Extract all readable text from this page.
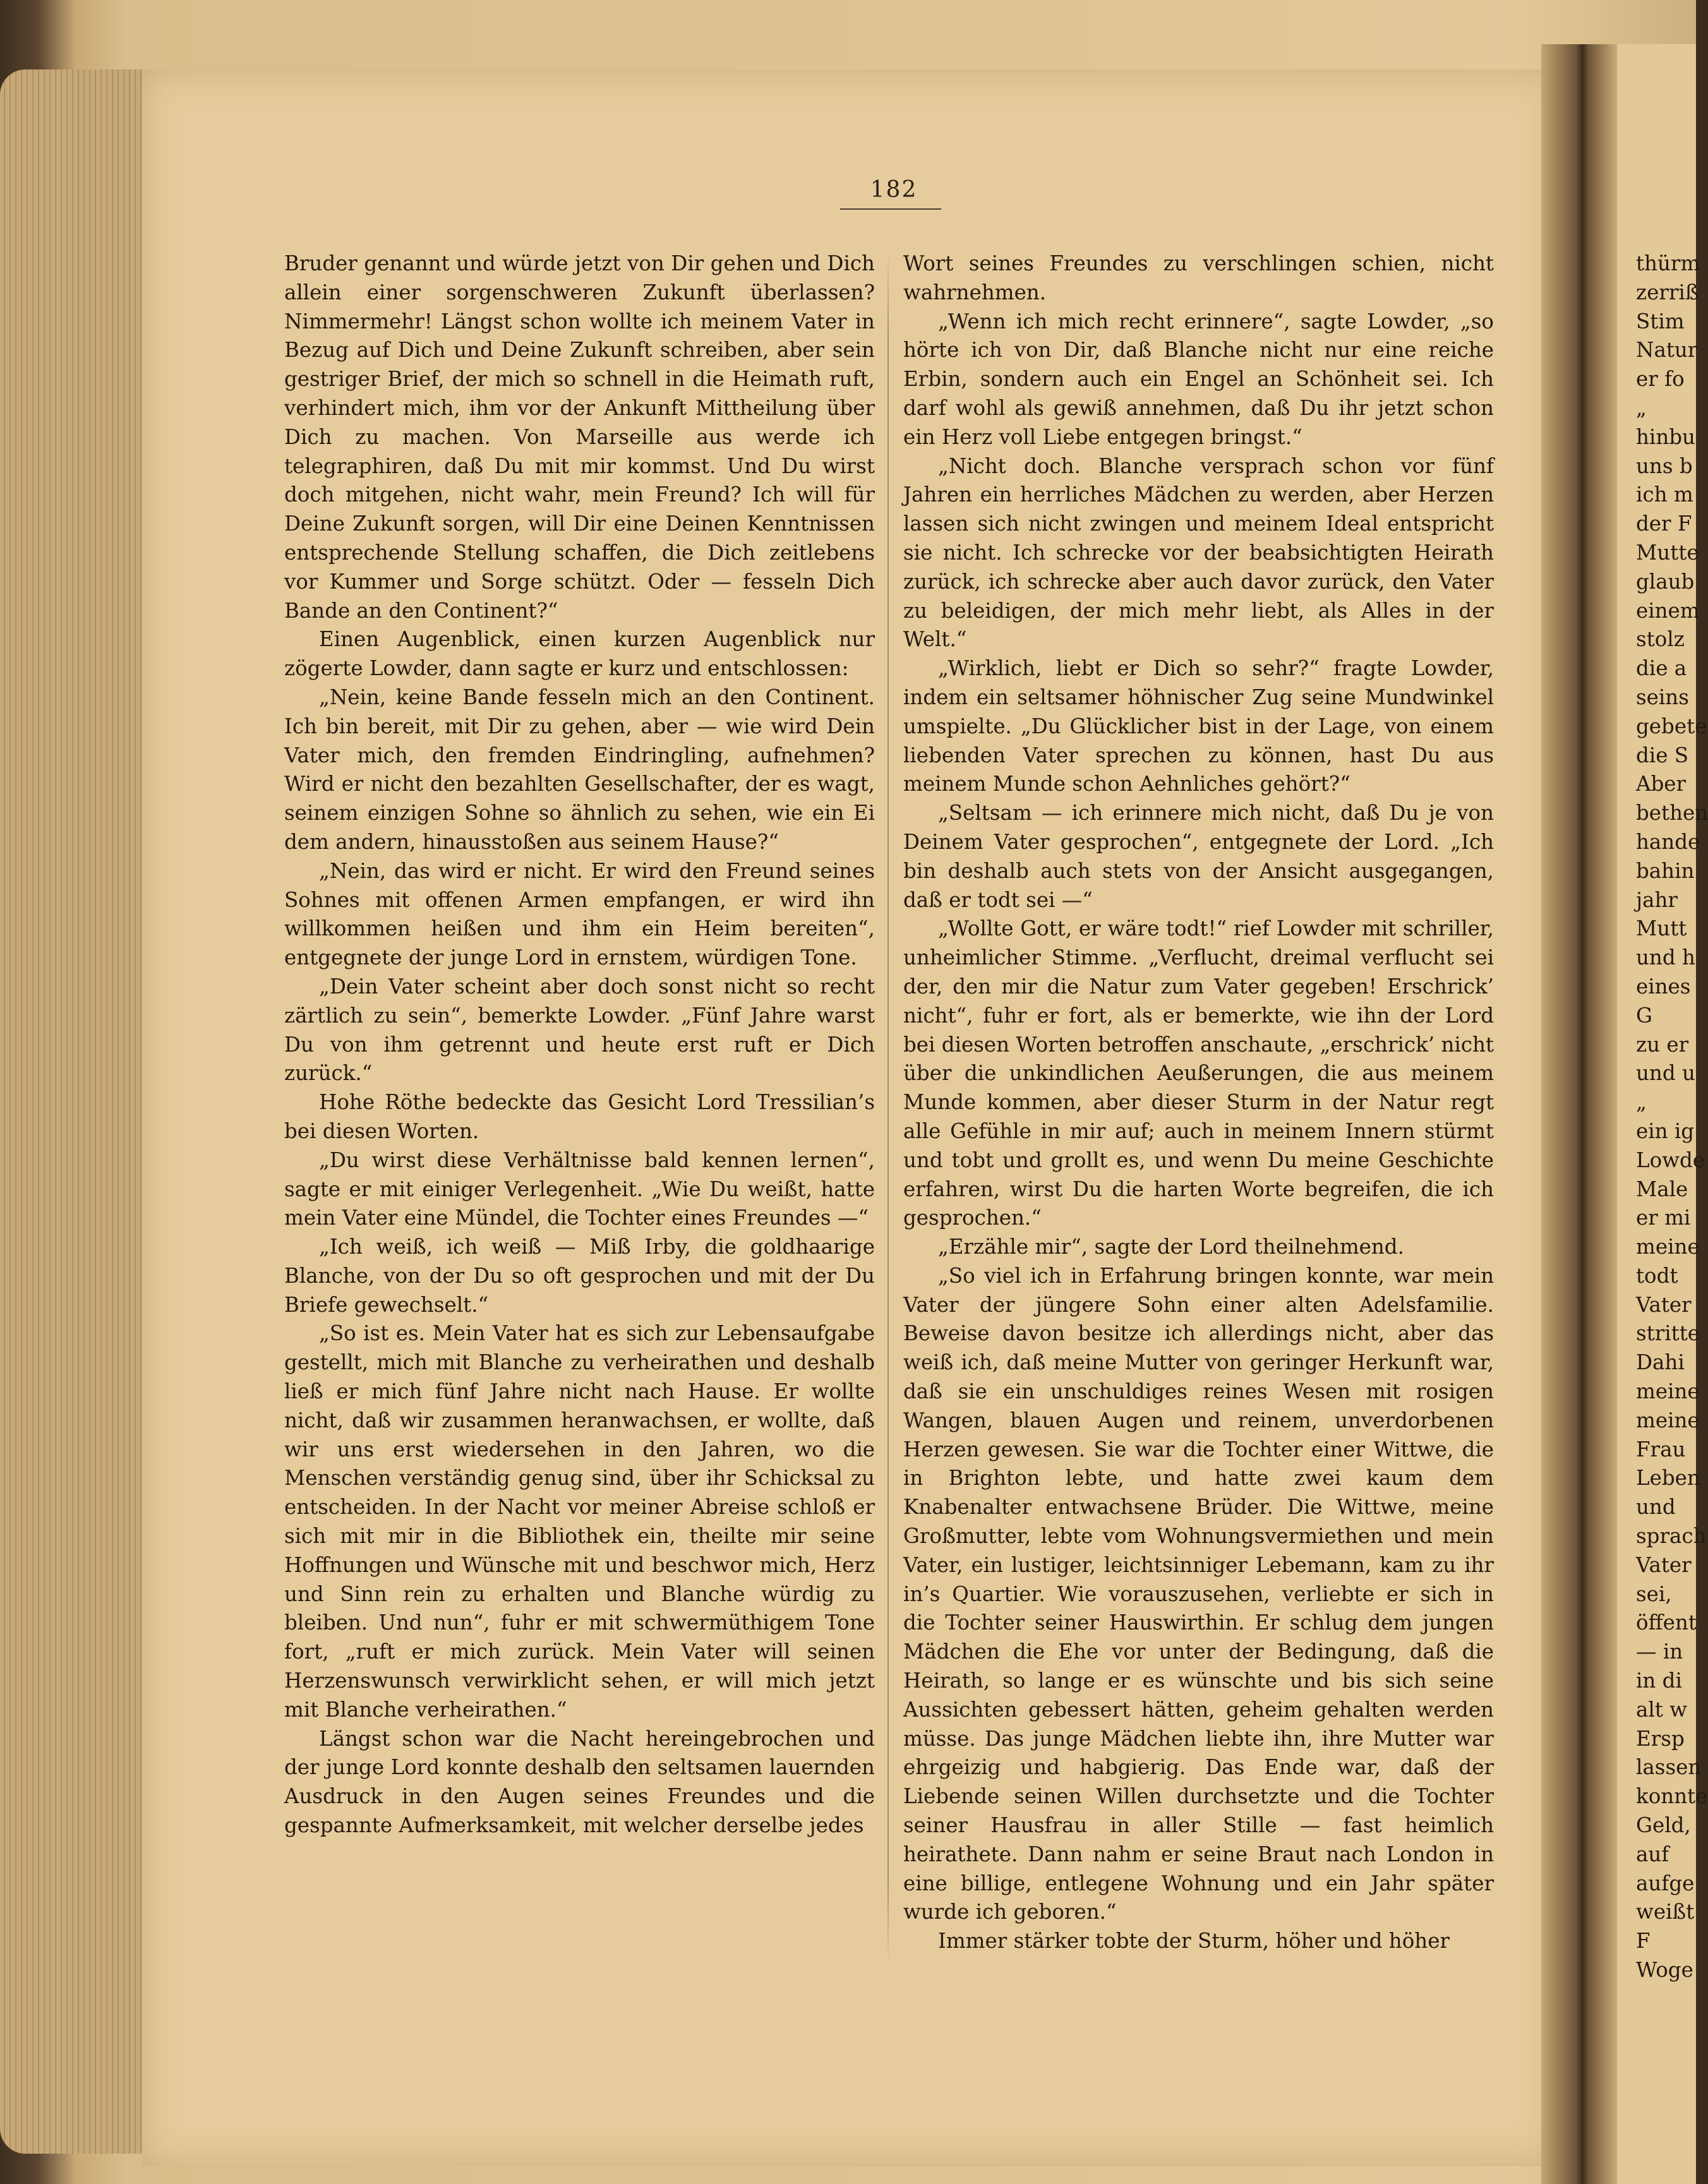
thürm
zerriß
Stim
Natur
er fo
„
hinbu
uns b
ich m
der F
Mutte
glaub
einem
stolz
die a
seins
gebete
die S
Aber
bethen
hande
bahin
jahr
Mutt
und h
eines
G
zu er
und u
„
ein ig
Lowde
Male
er mi
meine
todt
Vater
stritte
Dahi
meine
meine
Frau
Leben
und
sprach
Vater
sei,
öffent
— in
in di
alt w
Ersp
lassen
konnte
Geld,
auf
aufge
weißt
F
Woge
182

Bruder genannt und würde jetzt von Dir gehen und Dich allein einer sorgenschweren Zukunft überlassen? Nimmermehr! Längst schon wollte ich meinem Vater in Bezug auf Dich und Deine Zukunft schreiben, aber sein gestriger Brief, der mich so schnell in die Heimath ruft, verhindert mich, ihm vor der Ankunft Mittheilung über Dich zu machen. Von Marseille aus werde ich telegraphiren, daß Du mit mir kommst. Und Du wirst doch mitgehen, nicht wahr, mein Freund? Ich will für Deine Zukunft sorgen, will Dir eine Deinen Kenntnissen entsprechende Stellung schaffen, die Dich zeitlebens vor Kummer und Sorge schützt. Oder — fesseln Dich Bande an den Continent?“

Einen Augenblick, einen kurzen Augenblick nur zögerte Lowder, dann sagte er kurz und entschlossen:

„Nein, keine Bande fesseln mich an den Continent. Ich bin bereit, mit Dir zu gehen, aber — wie wird Dein Vater mich, den fremden Eindringling, aufnehmen? Wird er nicht den bezahlten Gesellschafter, der es wagt, seinem einzigen Sohne so ähnlich zu sehen, wie ein Ei dem andern, hinausstoßen aus seinem Hause?“

„Nein, das wird er nicht. Er wird den Freund seines Sohnes mit offenen Armen empfangen, er wird ihn willkommen heißen und ihm ein Heim bereiten“, entgegnete der junge Lord in ernstem, würdigen Tone.

„Dein Vater scheint aber doch sonst nicht so recht zärtlich zu sein“, bemerkte Lowder. „Fünf Jahre warst Du von ihm getrennt und heute erst ruft er Dich zurück.“

Hohe Röthe bedeckte das Gesicht Lord Tressilian’s bei diesen Worten.

„Du wirst diese Verhältnisse bald kennen lernen“, sagte er mit einiger Verlegenheit. „Wie Du weißt, hatte mein Vater eine Mündel, die Tochter eines Freundes —“

„Ich weiß, ich weiß — Miß Irby, die goldhaarige Blanche, von der Du so oft gesprochen und mit der Du Briefe gewechselt.“

„So ist es. Mein Vater hat es sich zur Lebensaufgabe gestellt, mich mit Blanche zu verheirathen und deshalb ließ er mich fünf Jahre nicht nach Hause. Er wollte nicht, daß wir zusammen heranwachsen, er wollte, daß wir uns erst wiedersehen in den Jahren, wo die Menschen verständig genug sind, über ihr Schicksal zu entscheiden. In der Nacht vor meiner Abreise schloß er sich mit mir in die Bibliothek ein, theilte mir seine Hoffnungen und Wünsche mit und beschwor mich, Herz und Sinn rein zu erhalten und Blanche würdig zu bleiben. Und nun“, fuhr er mit schwermüthigem Tone fort, „ruft er mich zurück. Mein Vater will seinen Herzenswunsch verwirklicht sehen, er will mich jetzt mit Blanche verheirathen.“

Längst schon war die Nacht hereingebrochen und der junge Lord konnte deshalb den seltsamen lauernden Ausdruck in den Augen seines Freundes und die gespannte Aufmerksamkeit, mit welcher derselbe jedes

Wort seines Freundes zu verschlingen schien, nicht wahrnehmen.

„Wenn ich mich recht erinnere“, sagte Lowder, „so hörte ich von Dir, daß Blanche nicht nur eine reiche Erbin, sondern auch ein Engel an Schönheit sei. Ich darf wohl als gewiß annehmen, daß Du ihr jetzt schon ein Herz voll Liebe entgegen bringst.“

„Nicht doch. Blanche versprach schon vor fünf Jahren ein herrliches Mädchen zu werden, aber Herzen lassen sich nicht zwingen und meinem Ideal entspricht sie nicht. Ich schrecke vor der beabsichtigten Heirath zurück, ich schrecke aber auch davor zurück, den Vater zu beleidigen, der mich mehr liebt, als Alles in der Welt.“

„Wirklich, liebt er Dich so sehr?“ fragte Lowder, indem ein seltsamer höhnischer Zug seine Mundwinkel umspielte. „Du Glücklicher bist in der Lage, von einem liebenden Vater sprechen zu können, hast Du aus meinem Munde schon Aehnliches gehört?“

„Seltsam — ich erinnere mich nicht, daß Du je von Deinem Vater gesprochen“, entgegnete der Lord. „Ich bin deshalb auch stets von der Ansicht ausgegangen, daß er todt sei —“

„Wollte Gott, er wäre todt!“ rief Lowder mit schriller, unheimlicher Stimme. „Verflucht, dreimal verflucht sei der, den mir die Natur zum Vater gegeben! Erschrick’ nicht“, fuhr er fort, als er bemerkte, wie ihn der Lord bei diesen Worten betroffen anschaute, „erschrick’ nicht über die unkindlichen Aeußerungen, die aus meinem Munde kommen, aber dieser Sturm in der Natur regt alle Gefühle in mir auf; auch in meinem Innern stürmt und tobt und grollt es, und wenn Du meine Geschichte erfahren, wirst Du die harten Worte begreifen, die ich gesprochen.“

„Erzähle mir“, sagte der Lord theilnehmend.

„So viel ich in Erfahrung bringen konnte, war mein Vater der jüngere Sohn einer alten Adelsfamilie. Beweise davon besitze ich allerdings nicht, aber das weiß ich, daß meine Mutter von geringer Herkunft war, daß sie ein unschuldiges reines Wesen mit rosigen Wangen, blauen Augen und reinem, unverdorbenen Herzen gewesen. Sie war die Tochter einer Wittwe, die in Brighton lebte, und hatte zwei kaum dem Knabenalter entwachsene Brüder. Die Wittwe, meine Großmutter, lebte vom Wohnungsvermiethen und mein Vater, ein lustiger, leichtsinniger Lebemann, kam zu ihr in’s Quartier. Wie vorauszusehen, verliebte er sich in die Tochter seiner Hauswirthin. Er schlug dem jungen Mädchen die Ehe vor unter der Bedingung, daß die Heirath, so lange er es wünschte und bis sich seine Aussichten gebessert hätten, geheim gehalten werden müsse. Das junge Mädchen liebte ihn, ihre Mutter war ehrgeizig und habgierig. Das Ende war, daß der Liebende seinen Willen durchsetzte und die Tochter seiner Hausfrau in aller Stille — fast heimlich heirathete. Dann nahm er seine Braut nach London in eine billige, entlegene Wohnung und ein Jahr später wurde ich geboren.“

Immer stärker tobte der Sturm, höher und höher
